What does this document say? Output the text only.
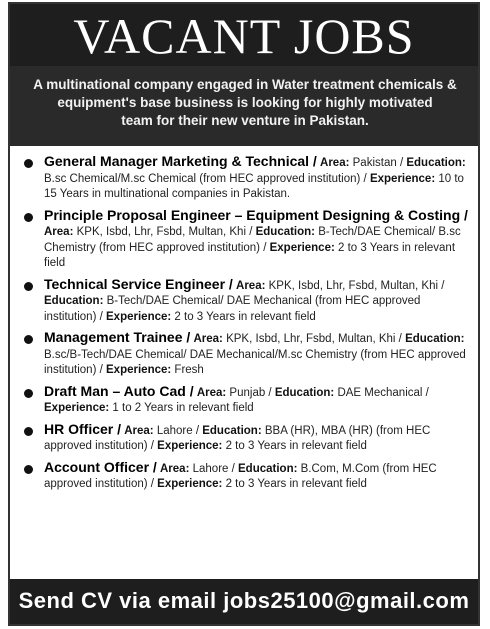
VACANT JOBS
A multinational company engaged in Water treatment chemicals &
equipment's base business is looking for highly motivated
team for their new venture in Pakistan.
General Manager Marketing & Technical / Area: Pakistan / Education: B.sc Chemical/M.sc Chemical (from HEC approved institution) / Experience: 10 to 15 Years in multinational companies in Pakistan.
Principle Proposal Engineer – Equipment Designing & Costing / Area: KPK, Isbd, Lhr, Fsbd, Multan, Khi / Education: B-Tech/DAE Chemical/ B.sc Chemistry (from HEC approved institution) / Experience: 2 to 3 Years in relevant field
Technical Service Engineer / Area: KPK, Isbd, Lhr, Fsbd, Multan, Khi / Education: B-Tech/DAE Chemical/ DAE Mechanical (from HEC approved institution) / Experience: 2 to 3 Years in relevant field
Management Trainee / Area: KPK, Isbd, Lhr, Fsbd, Multan, Khi / Education: B.sc/B-Tech/DAE Chemical/ DAE Mechanical/M.sc Chemistry (from HEC approved institution) / Experience: Fresh
Draft Man – Auto Cad / Area: Punjab / Education: DAE Mechanical / Experience: 1 to 2 Years in relevant field
HR Officer / Area: Lahore / Education: BBA (HR), MBA (HR) (from HEC approved institution) / Experience: 2 to 3 Years in relevant field
Account Officer / Area: Lahore / Education: B.Com, M.Com (from HEC approved institution) / Experience: 2 to 3 Years in relevant field
Send CV via email jobs25100@gmail.com
